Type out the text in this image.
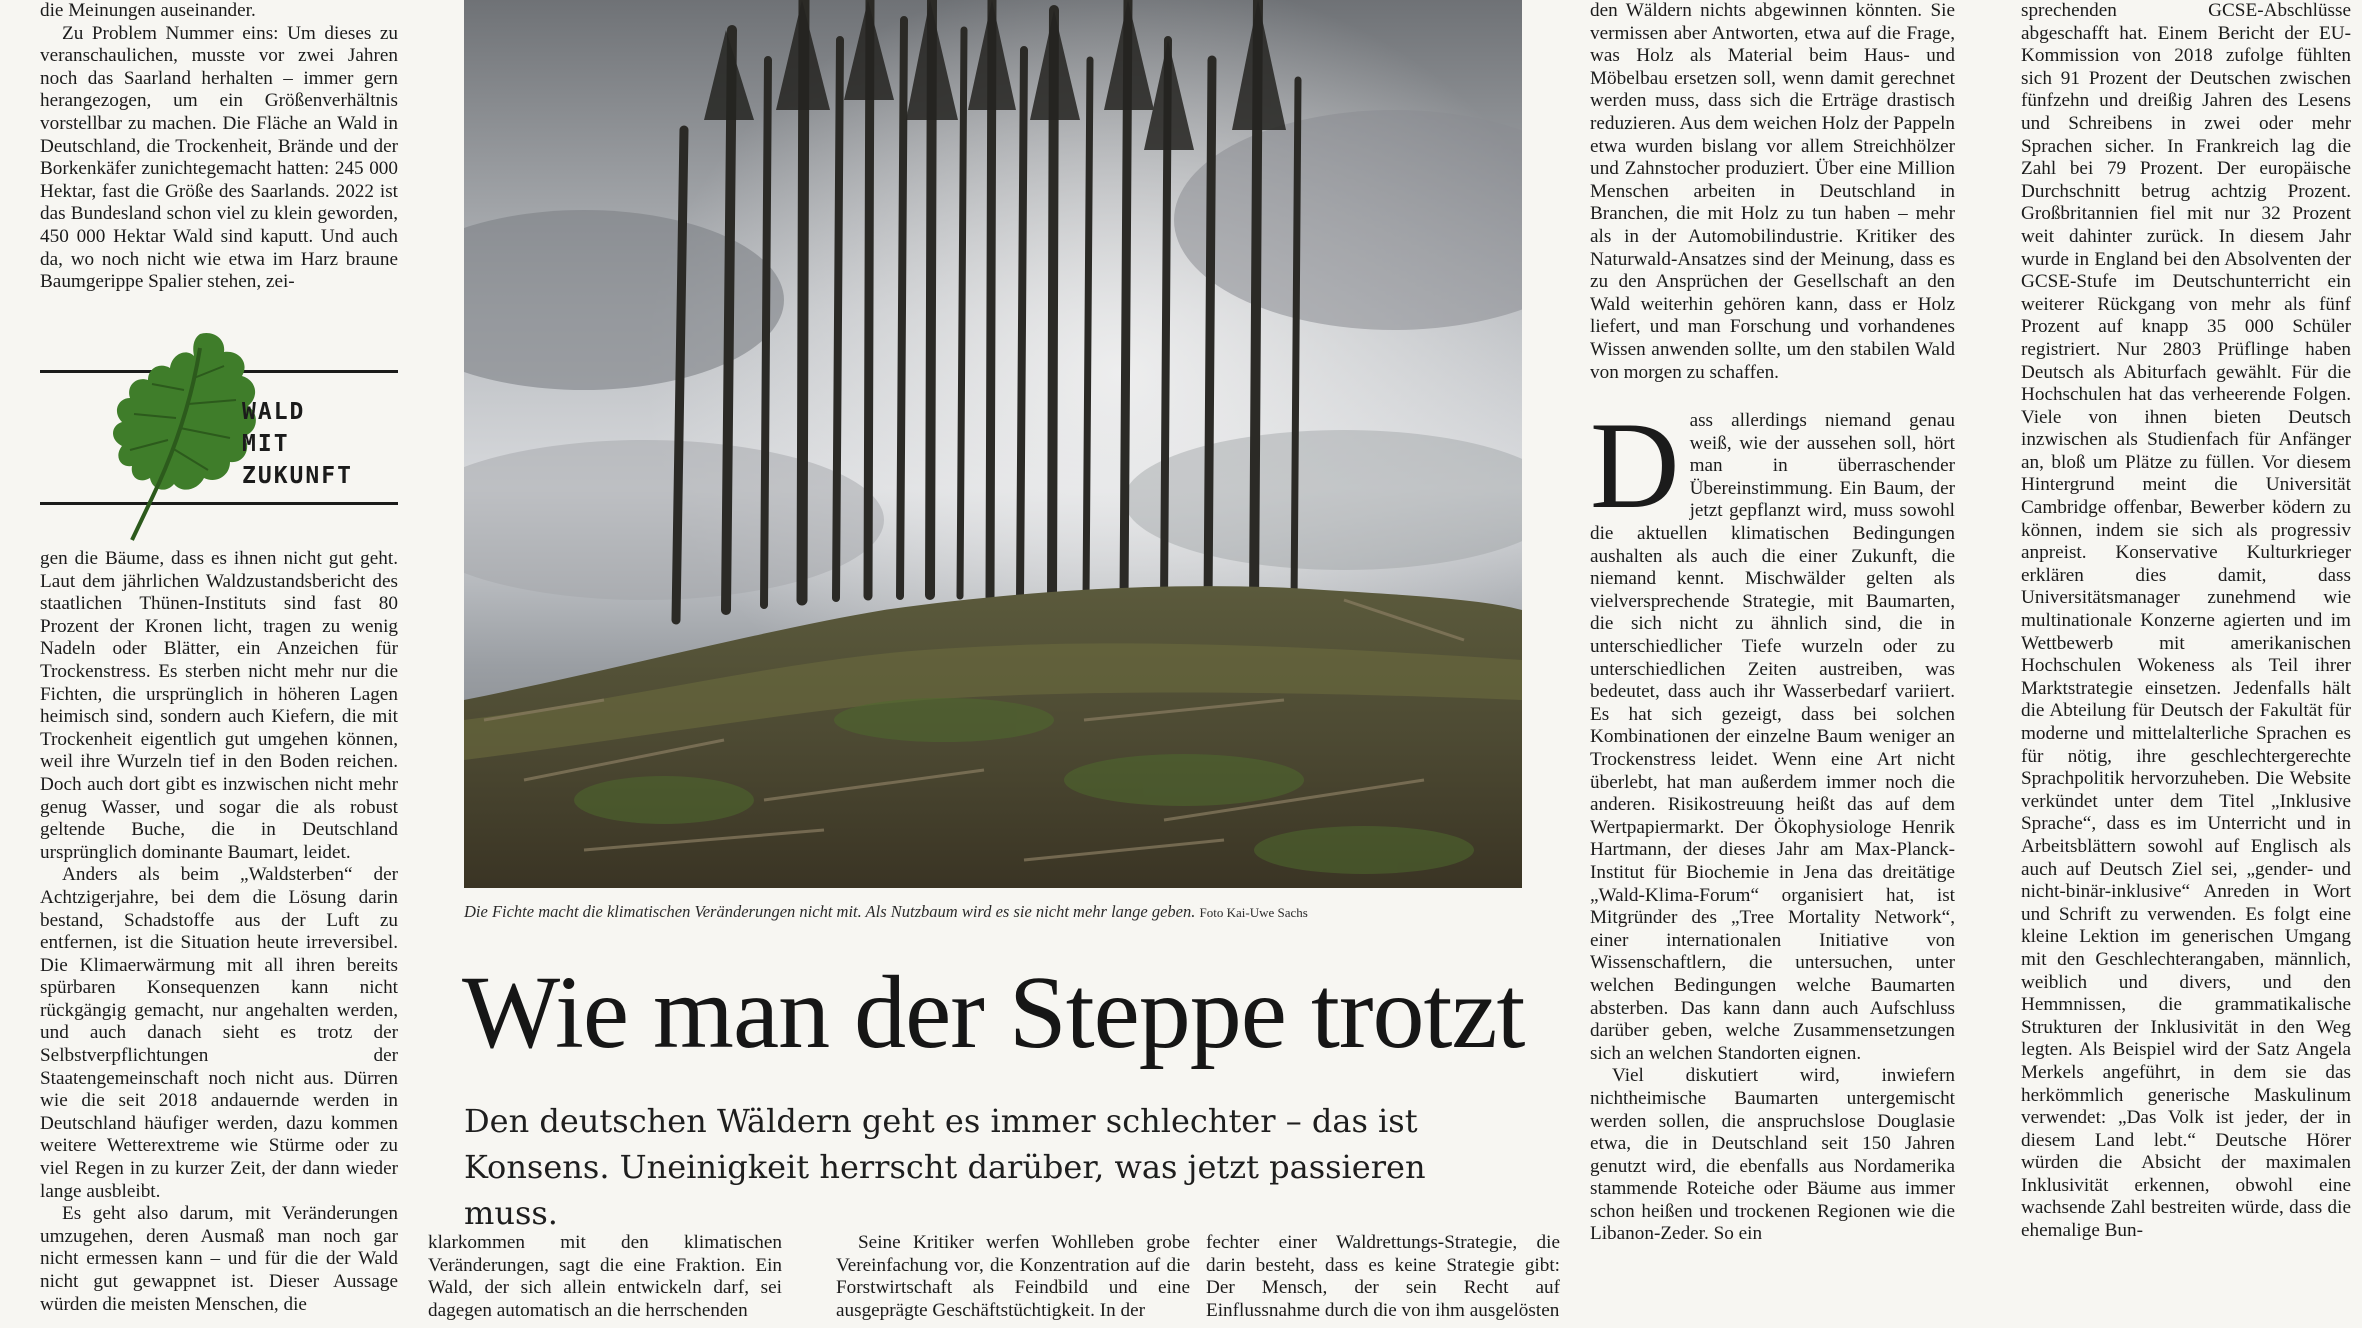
die Meinungen auseinander.

Zu Problem Nummer eins: Um dieses zu veranschaulichen, musste vor zwei Jahren noch das Saarland herhalten – immer gern herangezogen, um ein Größenverhältnis vorstellbar zu machen. Die Fläche an Wald in Deutschland, die Trockenheit, Brände und der Borkenkäfer zunichtegemacht hatten: 245 000 Hektar, fast die Größe des Saarlands. 2022 ist das Bundesland schon viel zu klein geworden, 450 000 Hektar Wald sind kaputt. Und auch da, wo noch nicht wie etwa im Harz braune Baumgerippe Spalier stehen, zei-

WALD
MIT
ZUKUNFT

gen die Bäume, dass es ihnen nicht gut geht. Laut dem jährlichen Waldzustandsbericht des staatlichen Thünen-Instituts sind fast 80 Prozent der Kronen licht, tragen zu wenig Nadeln oder Blätter, ein Anzeichen für Trockenstress. Es sterben nicht mehr nur die Fichten, die ursprünglich in höheren Lagen heimisch sind, sondern auch Kiefern, die mit Trockenheit eigentlich gut umgehen können, weil ihre Wurzeln tief in den Boden reichen. Doch auch dort gibt es inzwischen nicht mehr genug Wasser, und sogar die als robust geltende Buche, die in Deutschland ursprünglich dominante Baumart, leidet.

Anders als beim „Waldsterben“ der Achtzigerjahre, bei dem die Lösung darin bestand, Schadstoffe aus der Luft zu entfernen, ist die Situation heute irreversibel. Die Klimaerwärmung mit all ihren bereits spürbaren Konsequenzen kann nicht rückgängig gemacht, nur angehalten werden, und auch danach sieht es trotz der Selbstverpflichtungen der Staatengemeinschaft noch nicht aus. Dürren wie die seit 2018 andauernde werden in Deutschland häufiger werden, dazu kommen weitere Wetterextreme wie Stürme oder zu viel Regen in zu kurzer Zeit, der dann wieder lange ausbleibt.

Es geht also darum, mit Veränderungen umzugehen, deren Ausmaß man noch gar nicht ermessen kann – und für die der Wald nicht gut gewappnet ist. Dieser Aussage würden die meisten Menschen, die

Die Fichte macht die klimatischen Veränderungen nicht mit. Als Nutzbaum wird es sie nicht mehr lange geben. Foto Kai-Uwe Sachs
Wie man der Steppe trotzt
Den deutschen Wäldern geht es immer schlechter – das ist Konsens. Uneinigkeit herrscht darüber, was jetzt passieren muss.
klarkommen mit den klimatischen Veränderungen, sagt die eine Fraktion. Ein Wald, der sich allein entwickeln darf, sei dagegen automatisch an die herrschenden
Seine Kritiker werfen Wohlleben grobe Vereinfachung vor, die Konzentration auf die Forstwirtschaft als Feindbild und eine ausgeprägte Geschäftstüchtigkeit. In der
fechter einer Waldrettungs-Strategie, die darin besteht, dass es keine Strategie gibt: Der Mensch, der sein Recht auf Einflussnahme durch die von ihm ausgelösten

den Wäldern nichts abgewinnen könnten. Sie vermissen aber Antworten, etwa auf die Frage, was Holz als Material beim Haus- und Möbelbau ersetzen soll, wenn damit gerechnet werden muss, dass sich die Erträge drastisch reduzieren. Aus dem weichen Holz der Pappeln etwa wurden bislang vor allem Streichhölzer und Zahnstocher produziert. Über eine Million Menschen arbeiten in Deutschland in Branchen, die mit Holz zu tun haben – mehr als in der Automobilindustrie. Kritiker des Naturwald-Ansatzes sind der Meinung, dass es zu den Ansprüchen der Gesellschaft an den Wald weiterhin gehören kann, dass er Holz liefert, und man Forschung und vorhandenes Wissen anwenden sollte, um den stabilen Wald von morgen zu schaffen.

Dass allerdings niemand genau weiß, wie der aussehen soll, hört man in überraschender Übereinstimmung. Ein Baum, der jetzt gepflanzt wird, muss sowohl die aktuellen klimatischen Bedingungen aushalten als auch die einer Zukunft, die niemand kennt. Mischwälder gelten als vielversprechende Strategie, mit Baumarten, die sich nicht zu ähnlich sind, die in unterschiedlicher Tiefe wurzeln oder zu unterschiedlichen Zeiten austreiben, was bedeutet, dass auch ihr Wasserbedarf variiert. Es hat sich gezeigt, dass bei solchen Kombinationen der einzelne Baum weniger an Trockenstress leidet. Wenn eine Art nicht überlebt, hat man außerdem immer noch die anderen. Risikostreuung heißt das auf dem Wertpapiermarkt. Der Ökophysiologe Henrik Hartmann, der dieses Jahr am Max-Planck-Institut für Biochemie in Jena das dreitätige „Wald-Klima-Forum“ organisiert hat, ist Mitgründer des „Tree Mortality Network“, einer internationalen Initiative von Wissenschaftlern, die untersuchen, unter welchen Bedingungen welche Baumarten absterben. Das kann dann auch Aufschluss darüber geben, welche Zusammensetzungen sich an welchen Standorten eignen.

Viel diskutiert wird, inwiefern nichtheimische Baumarten untergemischt werden sollen, die anspruchslose Douglasie etwa, die in Deutschland seit 150 Jahren genutzt wird, die ebenfalls aus Nordamerika stammende Roteiche oder Bäume aus immer schon heißen und trockenen Regionen wie die Libanon-Zeder. So ein

sprechenden GCSE-Abschlüsse abgeschafft hat. Einem Bericht der EU-Kommission von 2018 zufolge fühlten sich 91 Prozent der Deutschen zwischen fünfzehn und dreißig Jahren des Lesens und Schreibens in zwei oder mehr Sprachen sicher. In Frankreich lag die Zahl bei 79 Prozent. Der europäische Durchschnitt betrug achtzig Prozent. Großbritannien fiel mit nur 32 Prozent weit dahinter zurück. In diesem Jahr wurde in England bei den Absolventen der GCSE-Stufe im Deutschunterricht ein weiterer Rückgang von mehr als fünf Prozent auf knapp 35 000 Schüler registriert. Nur 2803 Prüflinge haben Deutsch als Abiturfach gewählt. Für die Hochschulen hat das verheerende Folgen. Viele von ihnen bieten Deutsch inzwischen als Studienfach für Anfänger an, bloß um Plätze zu füllen. Vor diesem Hintergrund meint die Universität Cambridge offenbar, Bewerber ködern zu können, indem sie sich als progressiv anpreist. Konservative Kulturkrieger erklären dies damit, dass Universitätsmanager zunehmend wie multinationale Konzerne agierten und im Wettbewerb mit amerikanischen Hochschulen Wokeness als Teil ihrer Marktstrategie einsetzen. Jedenfalls hält die Abteilung für Deutsch der Fakultät für moderne und mittelalterliche Sprachen es für nötig, ihre geschlechtergerechte Sprachpolitik hervorzuheben. Die Website verkündet unter dem Titel „Inklusive Sprache“, dass es im Unterricht und in Arbeitsblättern sowohl auf Englisch als auch auf Deutsch Ziel sei, „gender- und nicht-binär-inklusive“ Anreden in Wort und Schrift zu verwenden. Es folgt eine kleine Lektion im generischen Umgang mit den Geschlechterangaben, männlich, weiblich und divers, und den Hemmnissen, die grammatikalische Strukturen der Inklusivität in den Weg legten. Als Beispiel wird der Satz Angela Merkels angeführt, in dem sie das herkömmlich generische Maskulinum verwendet: „Das Volk ist jeder, der in diesem Land lebt.“ Deutsche Hörer würden die Absicht der maximalen Inklusivität erkennen, obwohl eine wachsende Zahl bestreiten würde, dass die ehemalige Bun-
